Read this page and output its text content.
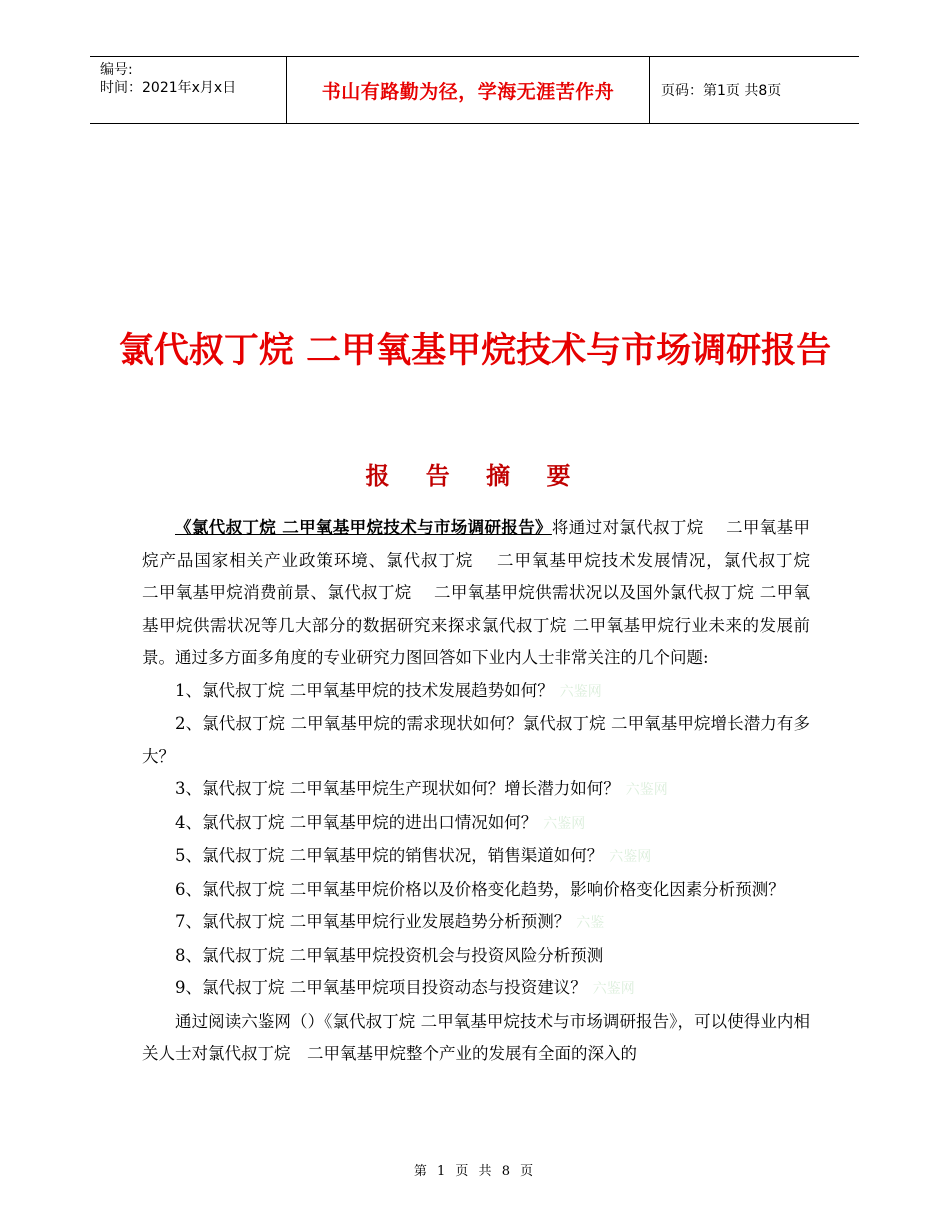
编号:
时间：2021年x月x日	书山有路勤为径，学海无涯苦作舟	页码：第1页 共8页
氯代叔丁烷 二甲氧基甲烷技术与市场调研报告
报 告 摘 要

《氯代叔丁烷 二甲氧基甲烷技术与市场调研报告》将通过对氯代叔丁烷　 二甲氧基甲烷产品国家相关产业政策环境、氯代叔丁烷　 二甲氧基甲烷技术发展情况，氯代叔丁烷　 二甲氧基甲烷消费前景、氯代叔丁烷　 二甲氧基甲烷供需状况以及国外氯代叔丁烷 二甲氧基甲烷供需状况等几大部分的数据研究来探求氯代叔丁烷 二甲氧基甲烷行业未来的发展前景。通过多方面多角度的专业研究力图回答如下业内人士非常关注的几个问题:

1、氯代叔丁烷 二甲氧基甲烷的技术发展趋势如何？ 六鉴网

2、氯代叔丁烷 二甲氧基甲烷的需求现状如何？氯代叔丁烷 二甲氧基甲烷增长潜力有多大？

3、氯代叔丁烷 二甲氧基甲烷生产现状如何？增长潜力如何？ 六鉴网

4、氯代叔丁烷 二甲氧基甲烷的进出口情况如何？ 六鉴网

5、氯代叔丁烷 二甲氧基甲烷的销售状况，销售渠道如何？ 六鉴网

6、氯代叔丁烷 二甲氧基甲烷价格以及价格变化趋势，影响价格变化因素分析预测？

7、氯代叔丁烷 二甲氧基甲烷行业发展趋势分析预测？ 六鉴

8、氯代叔丁烷 二甲氧基甲烷投资机会与投资风险分析预测

9、氯代叔丁烷 二甲氧基甲烷项目投资动态与投资建议？ 六鉴网

通过阅读六鉴网（）《氯代叔丁烷 二甲氧基甲烷技术与市场调研报告》，可以使得业内相关人士对氯代叔丁烷　二甲氧基甲烷整个产业的发展有全面的深入的

第 1 页 共 8 页
